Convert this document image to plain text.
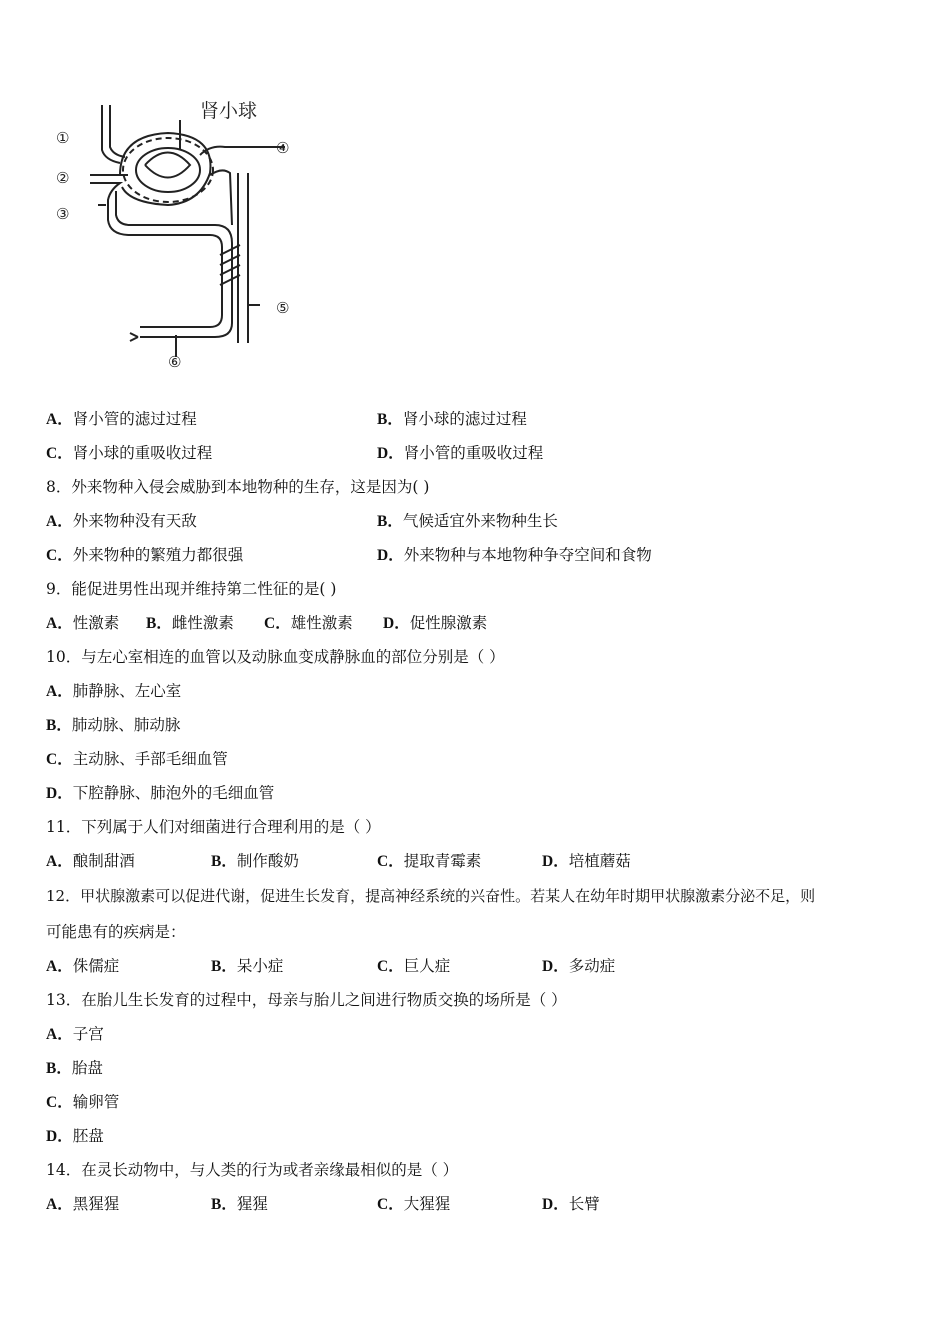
肾小球
①
②
③
④
⑤
⑥
A．肾小管的滤过过程	B．肾小球的滤过过程
C．肾小球的重吸收过程	D．肾小管的重吸收过程
8．外来物种入侵会威胁到本地物种的生存，这是因为( )
A．外来物种没有天敌	B．气候适宜外来物种生长
C．外来物种的繁殖力都很强	D．外来物种与本地物种争夺空间和食物
9．能促进男性出现并维持第二性征的是( )
A．性激素 B．雌性激素 C．雄性激素 D．促性腺激素
10．与左心室相连的血管以及动脉血变成静脉血的部位分别是（ ）
A．肺静脉、左心室
B．肺动脉、肺动脉
C．主动脉、手部毛细血管
D．下腔静脉、肺泡外的毛细血管
11．下列属于人们对细菌进行合理利用的是（ ）
A．酿制甜酒	B．制作酸奶	C．提取青霉素	D．培植蘑菇
12．甲状腺激素可以促进代谢，促进生长发育，提高神经系统的兴奋性。若某人在幼年时期甲状腺激素分泌不足，则
可能患有的疾病是：
A．侏儒症	B．呆小症	C．巨人症	D．多动症
13．在胎儿生长发育的过程中，母亲与胎儿之间进行物质交换的场所是（ ）
A．子宫
B．胎盘
C．输卵管
D．胚盘
14．在灵长动物中，与人类的行为或者亲缘最相似的是（ ）
A．黑猩猩	B．猩猩	C．大猩猩	D．长臂
